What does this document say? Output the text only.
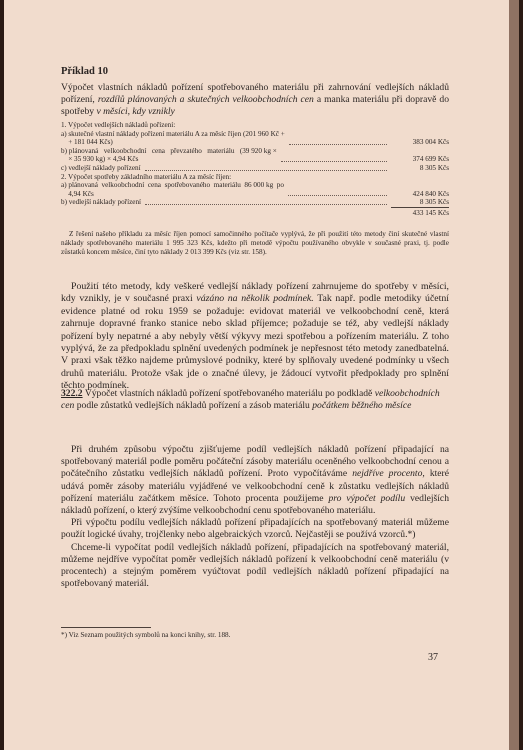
Příklad 10
Výpočet vlastních nákladů pořízení spotřebovaného materiálu při zahrnování vedlejších nákladů pořízení, rozdílů plánovaných a skutečných velkoobchodních cen a manka materiálu při dopravě do spotřeby v měsíci, kdy vznikly
1. Výpočet vedlejších nákladů pořízení:
a) skutečné vlastní náklady pořízení materiálu A za měsíc říjen (201 960 Kč +
+ 181 044 Kčs)	383 004 Kčs
b) plánovaná   velkoobchodní   cena   převzatého   materiálu   (39 920 kg ×
× 35 930 kg) × 4,94 Kčs	374 699 Kčs
c) vedlejší náklady pořízení	8 305 Kčs
2. Výpočet spotřeby základního materiálu A za měsíc říjen:
a) plánovaná  velkoobchodní  cena  spotřebovaného  materiálu  86 000 kg  po
4,94 Kčs	424 840 Kčs
b) vedlejší náklady pořízení	8 305 Kčs
433 145 Kčs
Z řešení našeho příkladu za měsíc říjen pomocí samočinného počítače vyplývá, že při použití této metody činí skutečné vlastní náklady spotřebovaného materiálu 1 995 323 Kčs, kdežto při metodě výpočtu používaného obvykle v současné praxi, tj. podle zůstatků koncem měsíce, činí tyto náklady 2 013 399 Kčs (viz str. 158).
Použití této metody, kdy veškeré vedlejší náklady pořízení zahrnujeme do spotřeby v měsíci, kdy vznikly, je v současné praxi vázáno na několik podmínek. Tak např. podle metodiky účetní evidence platné od roku 1959 se požaduje: evidovat materiál ve velkoobchodní ceně, která zahrnuje dopravné franko stanice nebo sklad příjemce; požaduje se též, aby vedlejší náklady pořízení byly nepatrné a aby nebyly větší výkyvy mezi spotřebou a pořízením materiálu. Z toho vyplývá, že za předpokladu splnění uvedených podmínek je nepřesnost této metody zanedbatelná. V praxi však těžko najdeme průmyslové podniky, které by splňovaly uvedené podmínky u všech druhů materiálu. Protože však jde o značné úlevy, je žádoucí vytvořit předpoklady pro splnění těchto podmínek.
322.2 Výpočet vlastních nákladů pořízení spotřebovaného materiálu po podkladě velkoobchodních cen podle zůstatků vedlejších nákladů pořízení a zásob materiálu počátkem běžného měsíce

Při druhém způsobu výpočtu zjišťujeme podíl vedlejších nákladů pořízení připadající na spotřebovaný materiál podle poměru počáteční zásoby materiálu oceněného velkoobchodní cenou a počátečního zůstatku vedlejších nákladů pořízení. Proto vypočítáváme nejdříve procento, které udává poměr zásoby materiálu vyjádřené ve velkoobchodní ceně k zůstatku vedlejších nákladů pořízení materiálu začátkem měsíce. Tohoto procenta použijeme pro výpočet podílu vedlejších nákladů pořízení, o který zvýšíme velkoobchodní cenu spotřebovaného materiálu.

Při výpočtu podílu vedlejších nákladů pořízení připadajících na spotřebovaný materiál můžeme použít logické úvahy, trojčlenky nebo algebraických vzorců. Nejčastěji se používá vzorců.*)

Chceme-li vypočítat podíl vedlejších nákladů pořízení, připadajících na spotřebovaný materiál, můžeme nejdříve vypočítat poměr vedlejších nákladů pořízení k velkoobchodní ceně materiálu (v procentech) a stejným poměrem vyúčtovat podíl vedlejších nákladů pořízení připadající na spotřebovaný materiál.

*) Viz Seznam použitých symbolů na konci knihy, str. 188.
37
